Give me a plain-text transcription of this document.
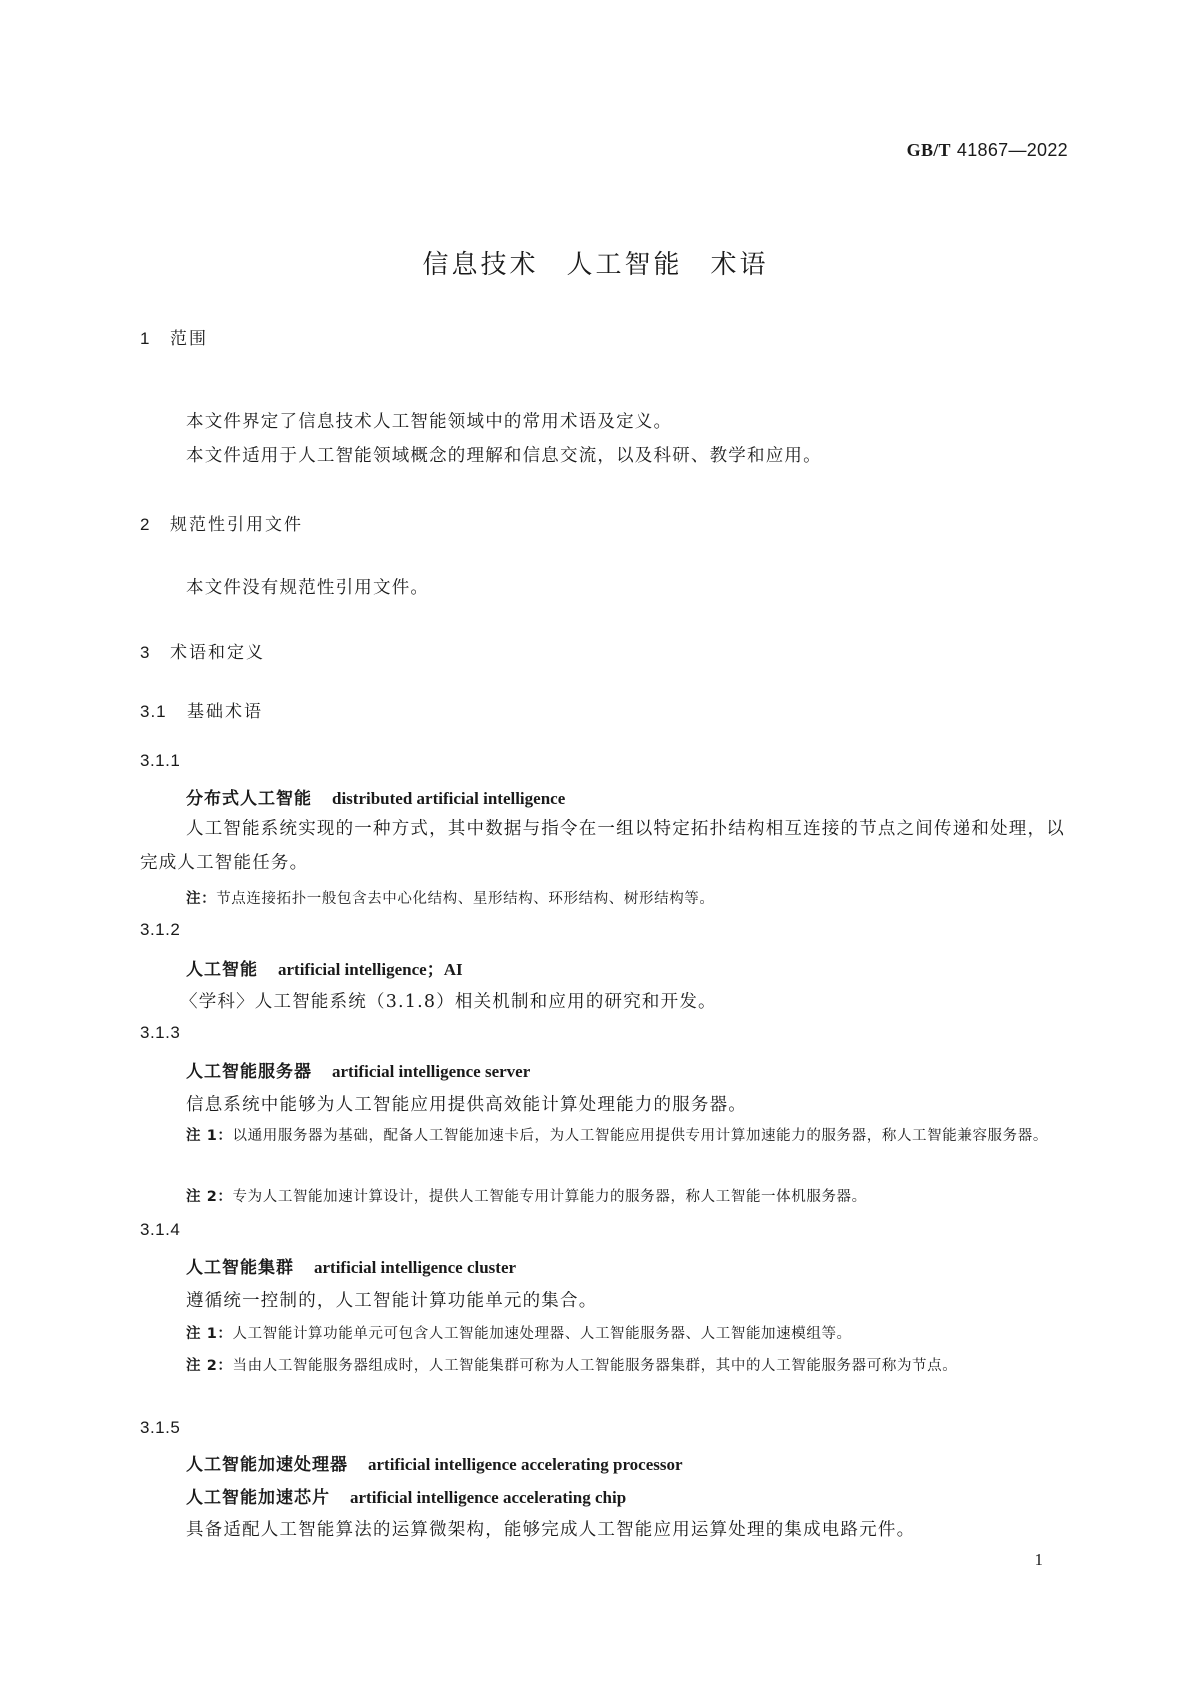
GB/T 41867—2022
信息技术 人工智能 术语
1 范围
本文件界定了信息技术人工智能领域中的常用术语及定义。
本文件适用于人工智能领域概念的理解和信息交流，以及科研、教学和应用。
2 规范性引用文件
本文件没有规范性引用文件。
3 术语和定义
3.1 基础术语
3.1.1
分布式人工智能 distributed artificial intelligence
人工智能系统实现的一种方式，其中数据与指令在一组以特定拓扑结构相互连接的节点之间传递和处理，以完成人工智能任务。
注：节点连接拓扑一般包含去中心化结构、星形结构、环形结构、树形结构等。
3.1.2
人工智能 artificial intelligence；AI
〈学科〉人工智能系统（3.1.8）相关机制和应用的研究和开发。
3.1.3
人工智能服务器 artificial intelligence server
信息系统中能够为人工智能应用提供高效能计算处理能力的服务器。
注 1：以通用服务器为基础，配备人工智能加速卡后，为人工智能应用提供专用计算加速能力的服务器，称人工智能兼容服务器。
注 2：专为人工智能加速计算设计，提供人工智能专用计算能力的服务器，称人工智能一体机服务器。
3.1.4
人工智能集群 artificial intelligence cluster
遵循统一控制的，人工智能计算功能单元的集合。
注 1：人工智能计算功能单元可包含人工智能加速处理器、人工智能服务器、人工智能加速模组等。
注 2：当由人工智能服务器组成时，人工智能集群可称为人工智能服务器集群，其中的人工智能服务器可称为节点。
3.1.5
人工智能加速处理器 artificial intelligence accelerating processor
人工智能加速芯片 artificial intelligence accelerating chip
具备适配人工智能算法的运算微架构，能够完成人工智能应用运算处理的集成电路元件。
1
